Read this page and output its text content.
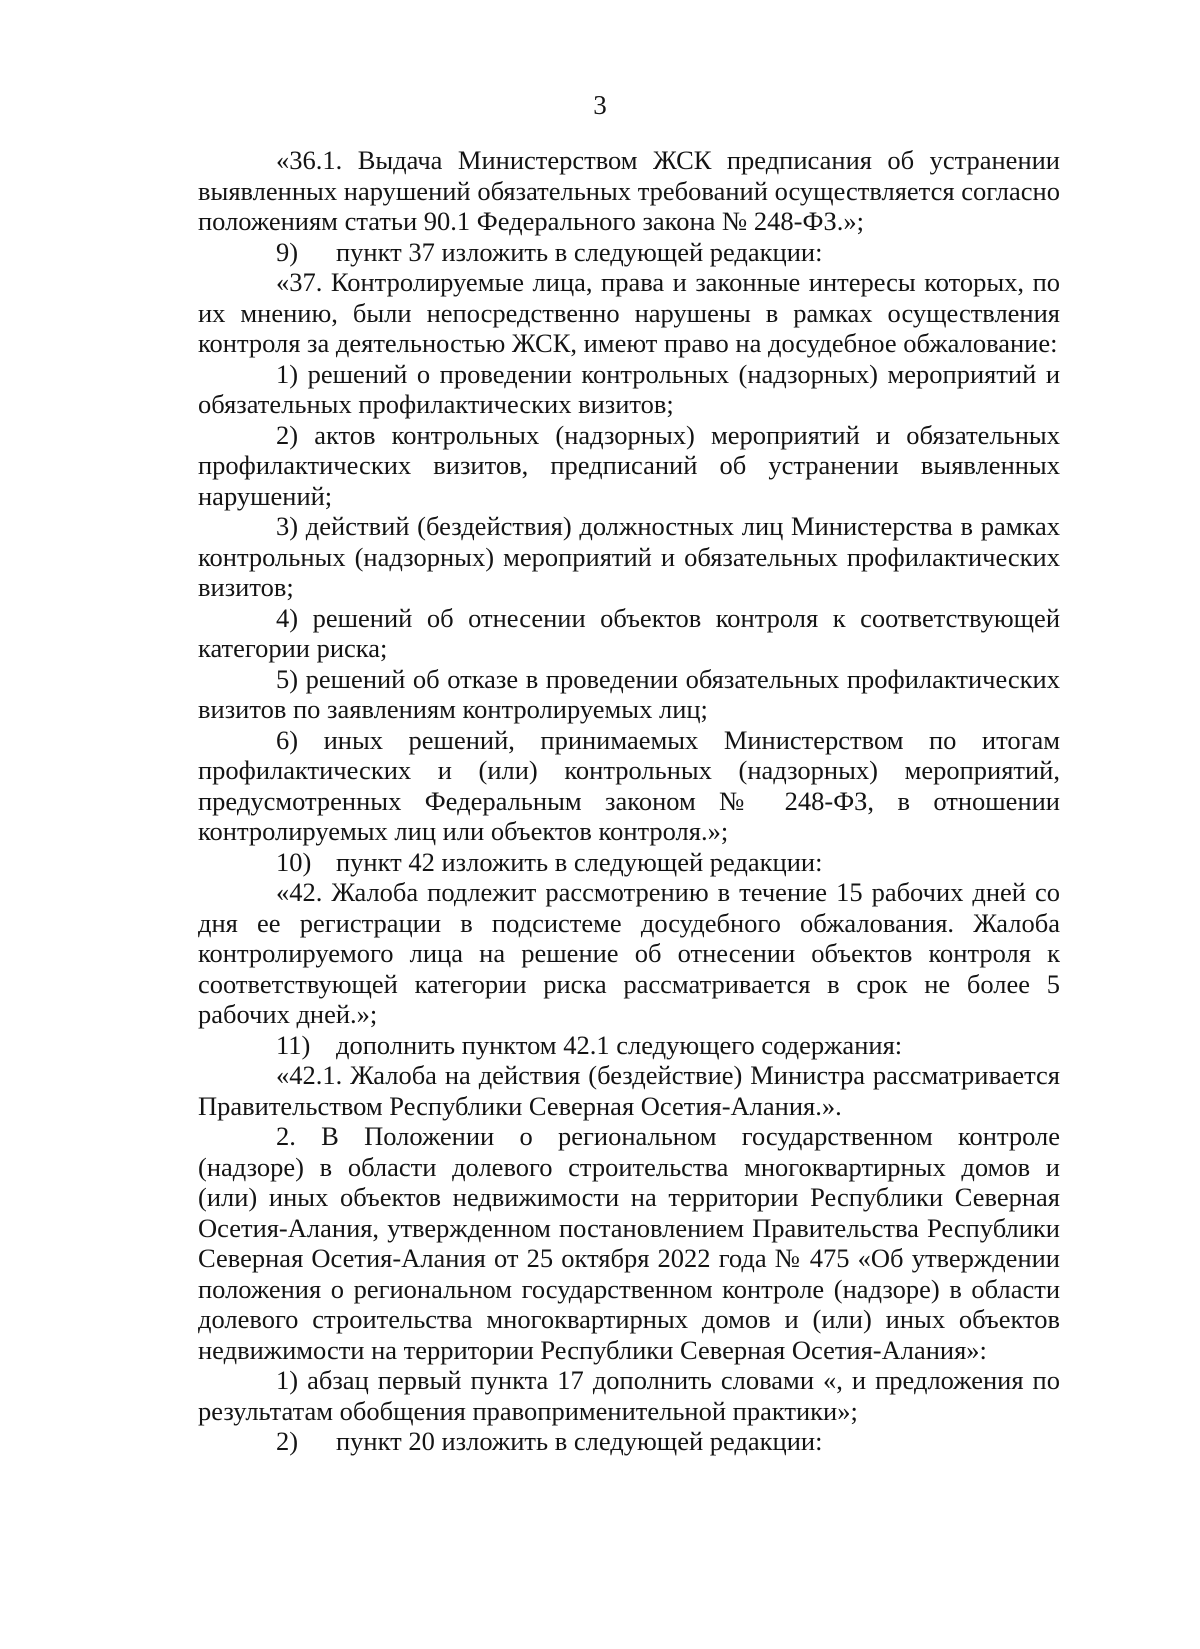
3

«36.1. Выдача Министерством ЖСК предписания об устранении выявленных нарушений обязательных требований осуществляется согласно положениям статьи 90.1 Федерального закона № 248-ФЗ.»;

9)	пункт 37 изложить в следующей редакции:

«37. Контролируемые лица, права и законные интересы которых, по их мнению, были непосредственно нарушены в рамках осуществления контроля за деятельностью ЖСК, имеют право на досудебное обжалование:

1) решений о проведении контрольных (надзорных) мероприятий и обязательных профилактических визитов;

2) актов контрольных (надзорных) мероприятий и обязательных профилактических визитов, предписаний об устранении выявленных нарушений;

3) действий (бездействия) должностных лиц Министерства в рамках контрольных (надзорных) мероприятий и обязательных профилактических визитов;

4) решений об отнесении объектов контроля к соответствующей категории риска;

5) решений об отказе в проведении обязательных профилактических визитов по заявлениям контролируемых лиц;

6) иных решений, принимаемых Министерством по итогам профилактических и (или) контрольных (надзорных) мероприятий, предусмотренных Федеральным законом № 248-ФЗ, в отношении контролируемых лиц или объектов контроля.»;

10) пункт 42 изложить в следующей редакции:

«42. Жалоба подлежит рассмотрению в течение 15 рабочих дней со дня ее регистрации в подсистеме досудебного обжалования. Жалоба контролируемого лица на решение об отнесении объектов контроля к соответствующей категории риска рассматривается в срок не более 5 рабочих дней.»;

11) дополнить пунктом 42.1 следующего содержания:

«42.1. Жалоба на действия (бездействие) Министра рассматривается Правительством Республики Северная Осетия-Алания.».

2. В Положении о региональном государственном контроле (надзоре) в области долевого строительства многоквартирных домов и (или) иных объектов недвижимости на территории Республики Северная Осетия-Алания, утвержденном постановлением Правительства Республики Северная Осетия-Алания от 25 октября 2022 года № 475 «Об утверждении положения о региональном государственном контроле (надзоре) в области долевого строительства многоквартирных домов и (или) иных объектов недвижимости на территории Республики Северная Осетия-Алания»:

1) абзац первый пункта 17 дополнить словами «, и предложения по результатам обобщения правоприменительной практики»;

2)	пункт 20 изложить в следующей редакции:
